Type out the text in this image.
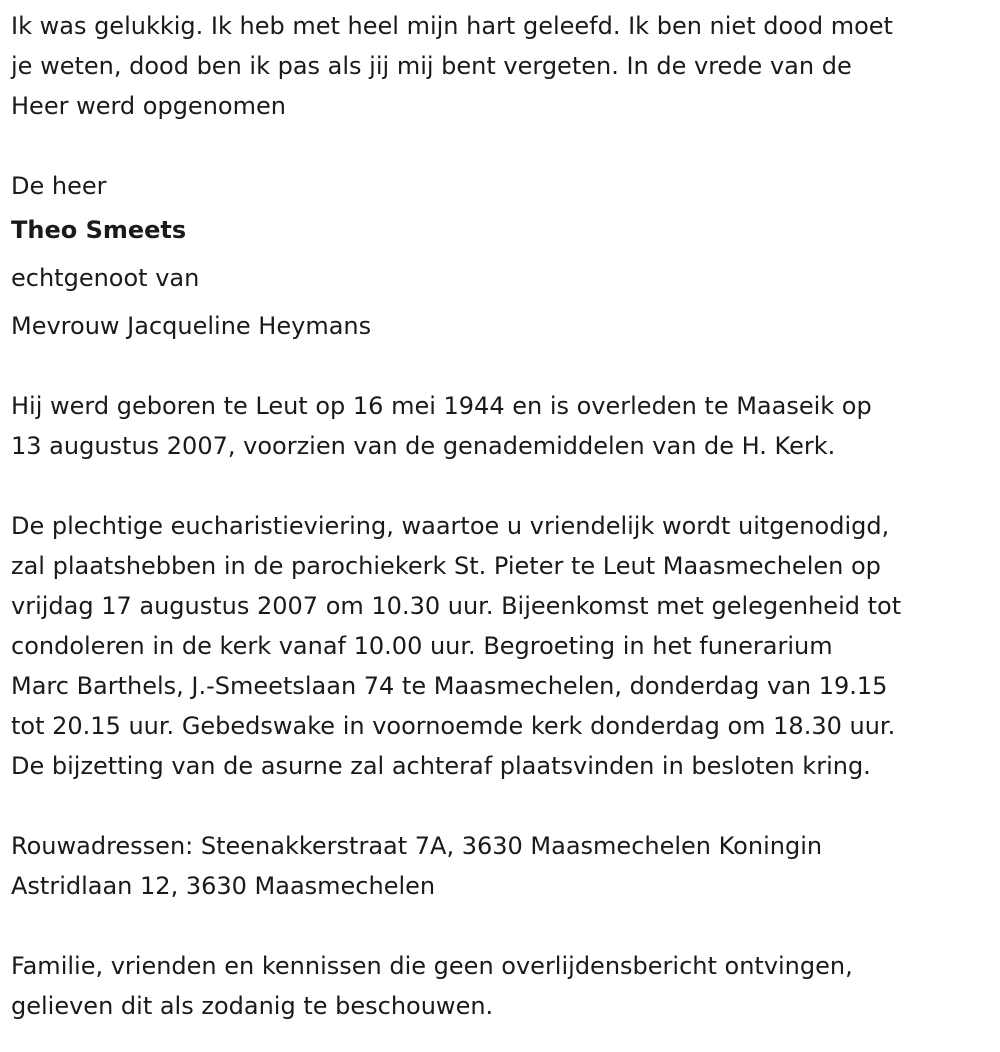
Ik was gelukkig. Ik heb met heel mijn hart geleefd. Ik ben niet dood moet
je weten, dood ben ik pas als jij mij bent vergeten. In de vrede van de
Heer werd opgenomen
De heer
Theo Smeets
echtgenoot van
Mevrouw Jacqueline Heymans
Hij werd geboren te Leut op 16 mei 1944 en is overleden te Maaseik op
13 augustus 2007, voorzien van de genademiddelen van de H. Kerk.
De plechtige eucharistieviering, waartoe u vriendelijk wordt uitgenodigd,
zal plaatshebben in de parochiekerk St. Pieter te Leut Maasmechelen op
vrijdag 17 augustus 2007 om 10.30 uur. Bijeenkomst met gelegenheid tot
condoleren in de kerk vanaf 10.00 uur. Begroeting in het funerarium
Marc Barthels, J.-Smeetslaan 74 te Maasmechelen, donderdag van 19.15
tot 20.15 uur. Gebedswake in voornoemde kerk donderdag om 18.30 uur.
De bijzetting van de asurne zal achteraf plaatsvinden in besloten kring.
Rouwadressen: Steenakkerstraat 7A, 3630 Maasmechelen Koningin
Astridlaan 12, 3630 Maasmechelen
Familie, vrienden en kennissen die geen overlijdensbericht ontvingen,
gelieven dit als zodanig te beschouwen.
